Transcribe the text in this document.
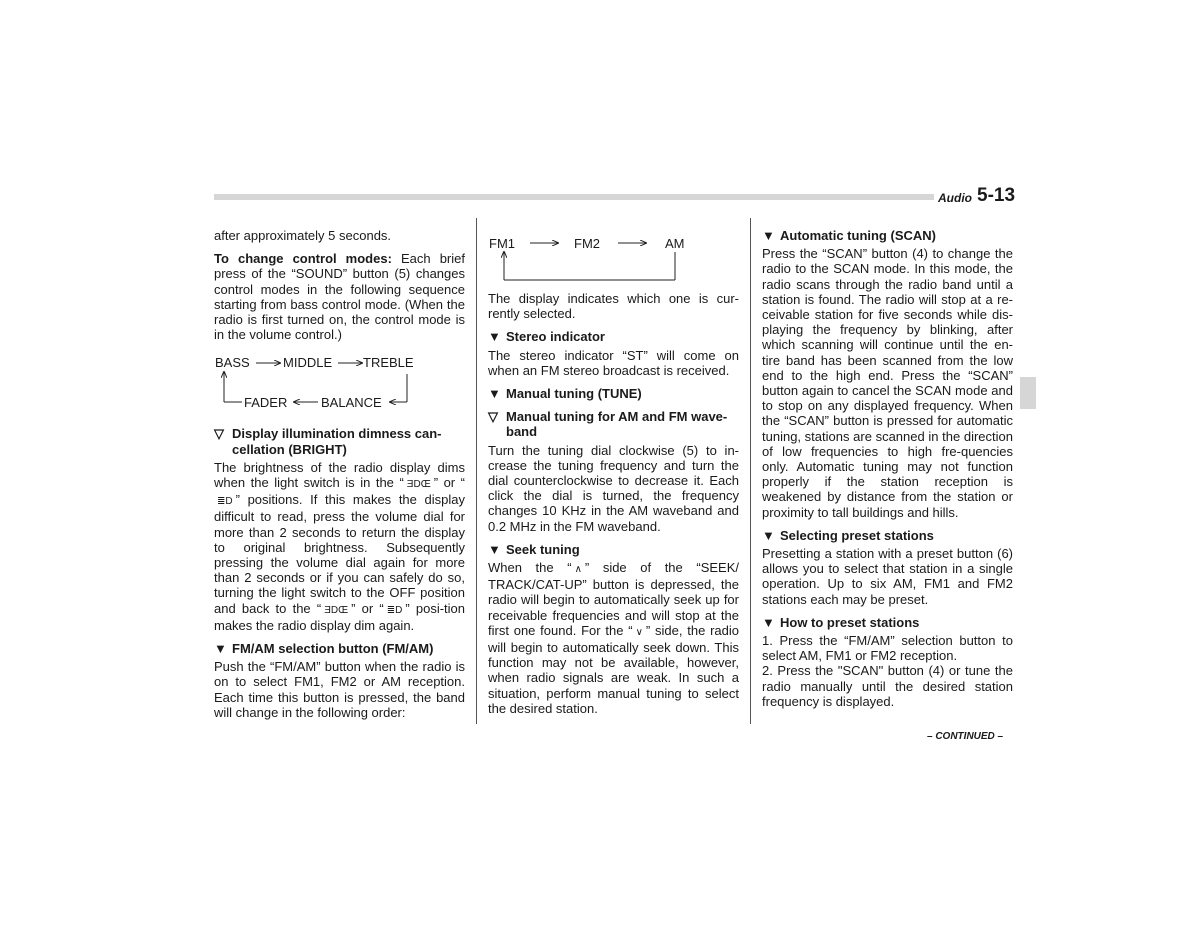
Audio 5-13

after approximately 5 seconds.

To change control modes: Each brief press of the “SOUND” button (5) changes control modes in the following sequence starting from bass control mode. (When the radio is first turned on, the control mode is in the volume control.)

BASS	MIDDLE TREBLE
FADER	BALANCE
▽ Display illumination dimness can-cellation (BRIGHT)

The brightness of the radio display dims when the light switch is in the “ ƎDŒ ” or “≣D ” positions. If this makes the display difficult to read, press the volume dial for more than 2 seconds to return the display to original brightness. Subsequently pressing the volume dial again for more than 2 seconds or if you can safely do so, turning the light switch to the OFF position and back to the “ ƎDŒ ” or “ ≣D ” posi-tion makes the radio display dim again.

▼ FM/AM selection button (FM/AM)

Push the “FM/AM” button when the radio is on to select FM1, FM2 or AM reception. Each time this button is pressed, the band will change in the following order:

FM1	FM2	AM

The display indicates which one is cur-rently selected.

▼ Stereo indicator

The stereo indicator “ST” will come on when an FM stereo broadcast is received.

▼ Manual tuning (TUNE)
▽ Manual tuning for AM and FM wave-band

Turn the tuning dial clockwise (5) to in-crease the tuning frequency and turn the dial counterclockwise to decrease it. Each click the dial is turned, the frequency changes 10 KHz in the AM waveband and 0.2 MHz in the FM waveband.

▼ Seek tuning

When the “ ∧ ” side of the “SEEK/ TRACK/CAT-UP” button is depressed, the radio will begin to automatically seek up for receivable frequencies and will stop at the first one found. For the “ ∨ ” side, the radio will begin to automatically seek down. This function may not be available, however, when radio signals are weak. In such a situation, perform manual tuning to select the desired station.

▼ Automatic tuning (SCAN)

Press the “SCAN” button (4) to change the radio to the SCAN mode. In this mode, the radio scans through the radio band until a station is found. The radio will stop at a re-ceivable station for five seconds while dis-playing the frequency by blinking, after which scanning will continue until the en-tire band has been scanned from the low end to the high end. Press the “SCAN” button again to cancel the SCAN mode and to stop on any displayed frequency. When the “SCAN” button is pressed for automatic tuning, stations are scanned in the direction of low frequencies to high fre-quencies only. Automatic tuning may not function properly if the station reception is weakened by distance from the station or proximity to tall buildings and hills.

▼ Selecting preset stations

Presetting a station with a preset button (6) allows you to select that station in a single operation. Up to six AM, FM1 and FM2 stations each may be preset.

▼ How to preset stations

1. Press the “FM/AM” selection button to select AM, FM1 or FM2 reception.

2. Press the "SCAN" button (4) or tune the radio manually until the desired station frequency is displayed.

– CONTINUED –
